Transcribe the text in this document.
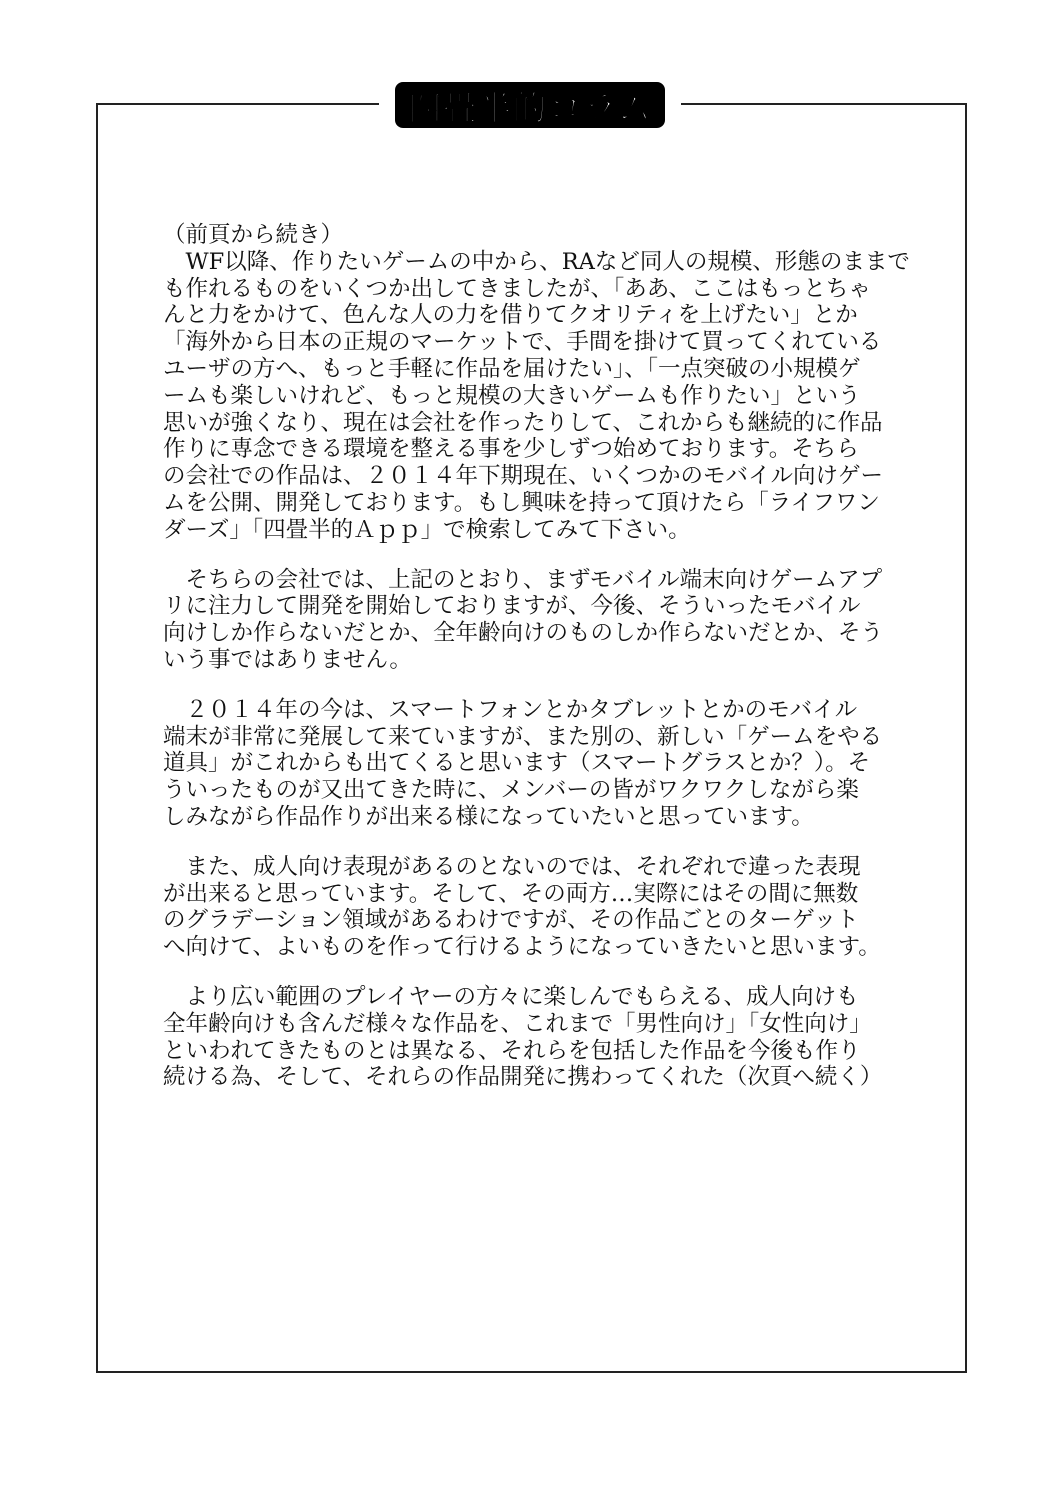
四畳半的コラム
（前頁から続き）
　WF以降、作りたいゲームの中から、RAなど同人の規模、形態のままで
も作れるものをいくつか出してきましたが、「ああ、ここはもっとちゃ
んと力をかけて、色んな人の力を借りてクオリティを上げたい」とか
「海外から日本の正規のマーケットで、手間を掛けて買ってくれている
ユーザの方へ、もっと手軽に作品を届けたい」、「一点突破の小規模ゲ
ームも楽しいけれど、もっと規模の大きいゲームも作りたい」という
思いが強くなり、現在は会社を作ったりして、これからも継続的に作品
作りに専念できる環境を整える事を少しずつ始めております。そちら
の会社での作品は、２０１４年下期現在、いくつかのモバイル向けゲー
ムを公開、開発しております。もし興味を持って頂けたら「ライフワン
ダーズ」「四畳半的Ａｐｐ」で検索してみて下さい。
　そちらの会社では、上記のとおり、まずモバイル端末向けゲームアプ
リに注力して開発を開始しておりますが、今後、そういったモバイル
向けしか作らないだとか、全年齢向けのものしか作らないだとか、そう
いう事ではありません。
　２０１４年の今は、スマートフォンとかタブレットとかのモバイル
端末が非常に発展して来ていますが、また別の、新しい「ゲームをやる
道具」がこれからも出てくると思います（スマートグラスとか？）。そ
ういったものが又出てきた時に、メンバーの皆がワクワクしながら楽
しみながら作品作りが出来る様になっていたいと思っています。
　また、成人向け表現があるのとないのでは、それぞれで違った表現
が出来ると思っています。そして、その両方…実際にはその間に無数
のグラデーション領域があるわけですが、その作品ごとのターゲット
へ向けて、よいものを作って行けるようになっていきたいと思います。
　より広い範囲のプレイヤーの方々に楽しんでもらえる、成人向けも
全年齢向けも含んだ様々な作品を、これまで「男性向け」「女性向け」
といわれてきたものとは異なる、それらを包括した作品を今後も作り
続ける為、そして、それらの作品開発に携わってくれた（次頁へ続く）
